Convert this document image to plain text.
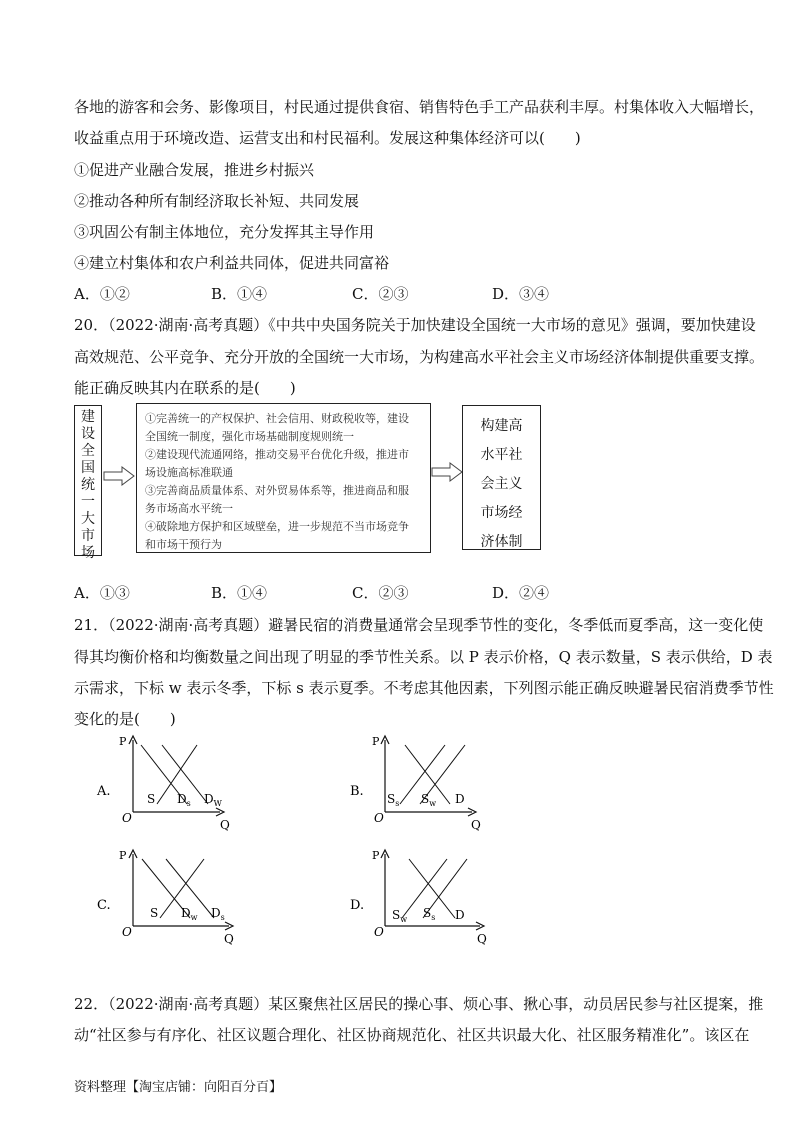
各地的游客和会务、影像项目，村民通过提供食宿、销售特色手工产品获利丰厚。村集体收入大幅增长，
收益重点用于环境改造、运营支出和村民福利。发展这种集体经济可以(　　)
①促进产业融合发展，推进乡村振兴
②推动各种所有制经济取长补短、共同发展
③巩固公有制主体地位，充分发挥其主导作用
④建立村集体和农户利益共同体，促进共同富裕
A．①②	B．①④	C．②③	D．③④
20．（2022·湖南·高考真题）《中共中央国务院关于加快建设全国统一大市场的意见》强调，要加快建设
高效规范、公平竞争、充分开放的全国统一大市场，为构建高水平社会主义市场经济体制提供重要支撑。
能正确反映其内在联系的是(　　)
建
设
全
国
统
一
大
市
场
①完善统一的产权保护、社会信用、财政税收等，建设
全国统一制度，强化市场基础制度规则统一
②建设现代流通网络，推动交易平台优化升级，推进市
场设施高标准联通
③完善商品质量体系、对外贸易体系等，推进商品和服
务市场高水平统一
④破除地方保护和区域壁垒，进一步规范不当市场竞争
和市场干预行为
构建高
水平社
会主义
市场经
济体制
A．①③	B．①④	C．②③	D．②④
21．（2022·湖南·高考真题）避暑民宿的消费量通常会呈现季节性的变化，冬季低而夏季高，这一变化使
得其均衡价格和均衡数量之间出现了明显的季节性关系。以 P 表示价格，Q 表示数量，S 表示供给，D 表
示需求，下标 w 表示冬季，下标 s 表示夏季。不考虑其他因素，下列图示能正确反映避暑民宿消费季节性
变化的是(　　)
A.
P
Q
O
S $D_s$ $D_W$
B.
P
Q
O
$S_s$ $S_w$ D
C.
P
Q
O
S $D_w$ $D_s$
D.
P
Q
O
$S_w$ $S_s$ D
22．（2022·湖南·高考真题）某区聚焦社区居民的操心事、烦心事、揪心事，动员居民参与社区提案，推
动“社区参与有序化、社区议题合理化、社区协商规范化、社区共识最大化、社区服务精准化”。该区在
资料整理【淘宝店铺：向阳百分百】
